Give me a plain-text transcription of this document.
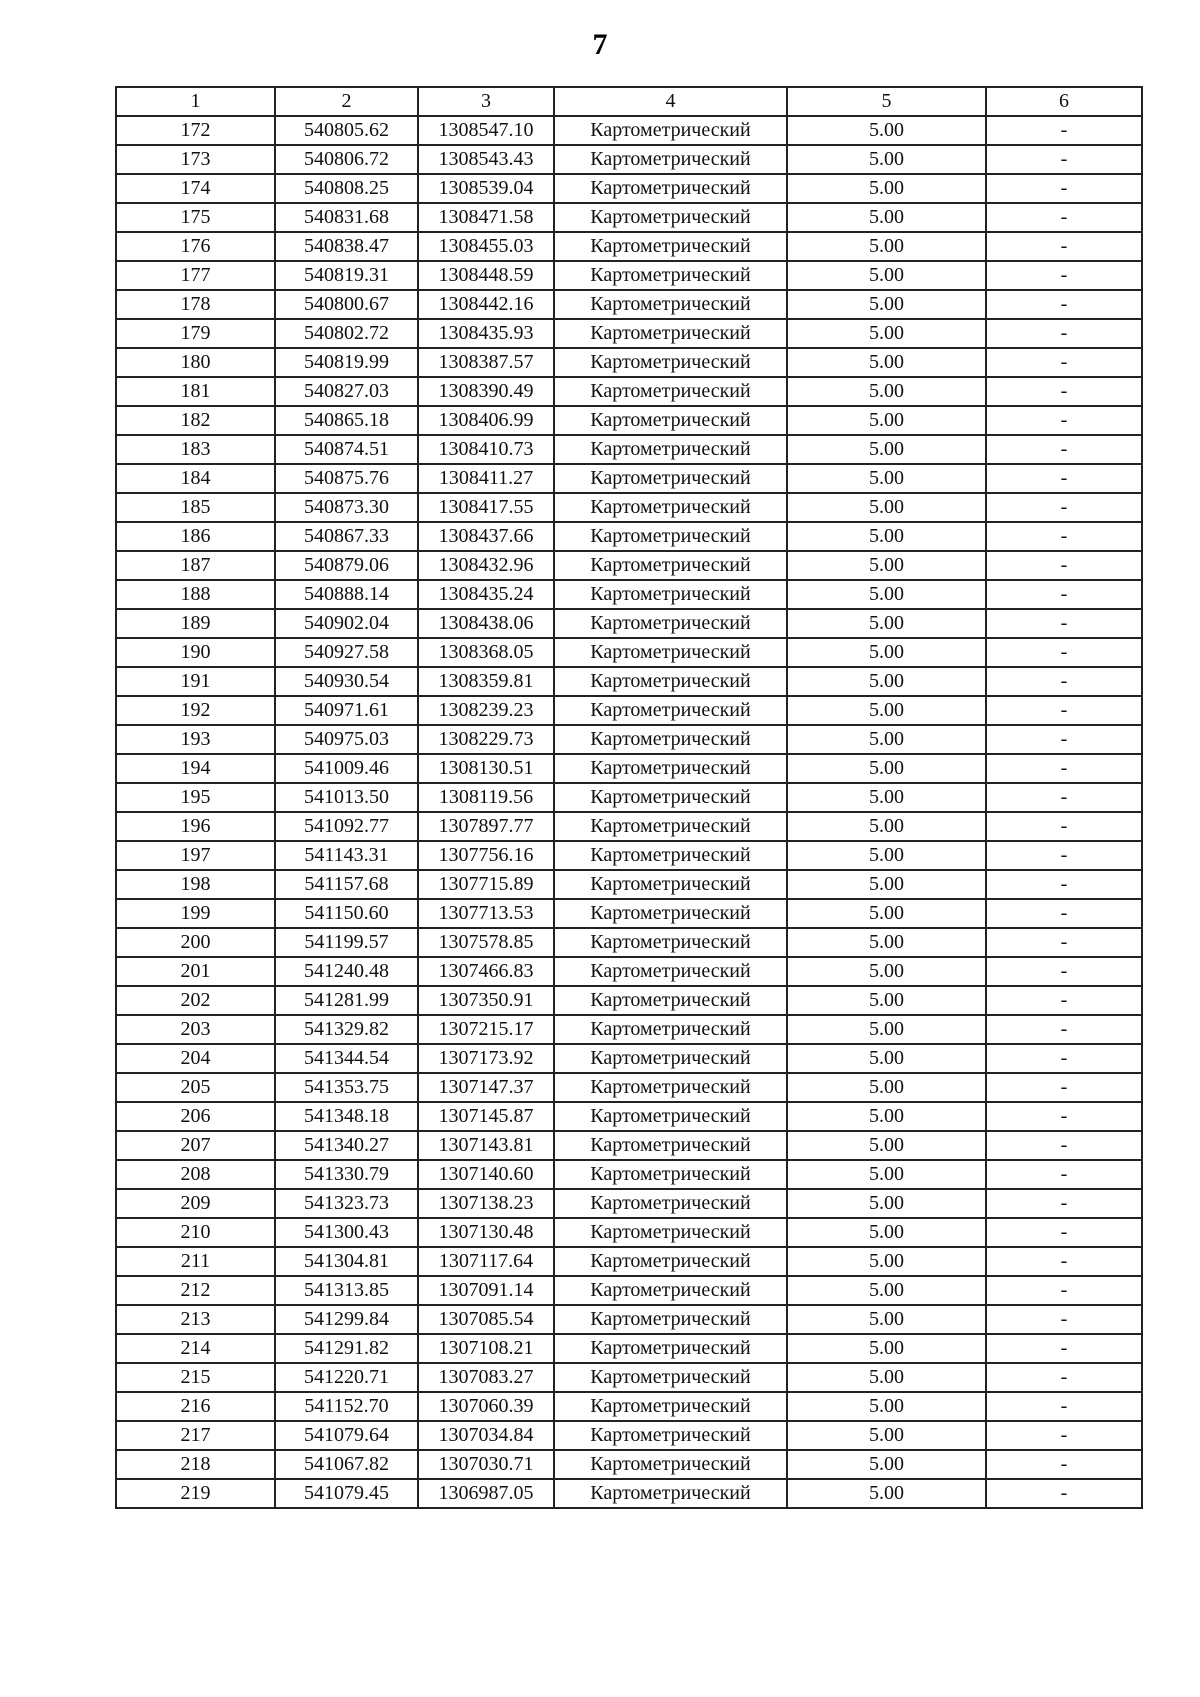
7
1	2	3	4	5	6
172	540805.62	1308547.10	Картометрический	5.00	-
173	540806.72	1308543.43	Картометрический	5.00	-
174	540808.25	1308539.04	Картометрический	5.00	-
175	540831.68	1308471.58	Картометрический	5.00	-
176	540838.47	1308455.03	Картометрический	5.00	-
177	540819.31	1308448.59	Картометрический	5.00	-
178	540800.67	1308442.16	Картометрический	5.00	-
179	540802.72	1308435.93	Картометрический	5.00	-
180	540819.99	1308387.57	Картометрический	5.00	-
181	540827.03	1308390.49	Картометрический	5.00	-
182	540865.18	1308406.99	Картометрический	5.00	-
183	540874.51	1308410.73	Картометрический	5.00	-
184	540875.76	1308411.27	Картометрический	5.00	-
185	540873.30	1308417.55	Картометрический	5.00	-
186	540867.33	1308437.66	Картометрический	5.00	-
187	540879.06	1308432.96	Картометрический	5.00	-
188	540888.14	1308435.24	Картометрический	5.00	-
189	540902.04	1308438.06	Картометрический	5.00	-
190	540927.58	1308368.05	Картометрический	5.00	-
191	540930.54	1308359.81	Картометрический	5.00	-
192	540971.61	1308239.23	Картометрический	5.00	-
193	540975.03	1308229.73	Картометрический	5.00	-
194	541009.46	1308130.51	Картометрический	5.00	-
195	541013.50	1308119.56	Картометрический	5.00	-
196	541092.77	1307897.77	Картометрический	5.00	-
197	541143.31	1307756.16	Картометрический	5.00	-
198	541157.68	1307715.89	Картометрический	5.00	-
199	541150.60	1307713.53	Картометрический	5.00	-
200	541199.57	1307578.85	Картометрический	5.00	-
201	541240.48	1307466.83	Картометрический	5.00	-
202	541281.99	1307350.91	Картометрический	5.00	-
203	541329.82	1307215.17	Картометрический	5.00	-
204	541344.54	1307173.92	Картометрический	5.00	-
205	541353.75	1307147.37	Картометрический	5.00	-
206	541348.18	1307145.87	Картометрический	5.00	-
207	541340.27	1307143.81	Картометрический	5.00	-
208	541330.79	1307140.60	Картометрический	5.00	-
209	541323.73	1307138.23	Картометрический	5.00	-
210	541300.43	1307130.48	Картометрический	5.00	-
211	541304.81	1307117.64	Картометрический	5.00	-
212	541313.85	1307091.14	Картометрический	5.00	-
213	541299.84	1307085.54	Картометрический	5.00	-
214	541291.82	1307108.21	Картометрический	5.00	-
215	541220.71	1307083.27	Картометрический	5.00	-
216	541152.70	1307060.39	Картометрический	5.00	-
217	541079.64	1307034.84	Картометрический	5.00	-
218	541067.82	1307030.71	Картометрический	5.00	-
219	541079.45	1306987.05	Картометрический	5.00	-
